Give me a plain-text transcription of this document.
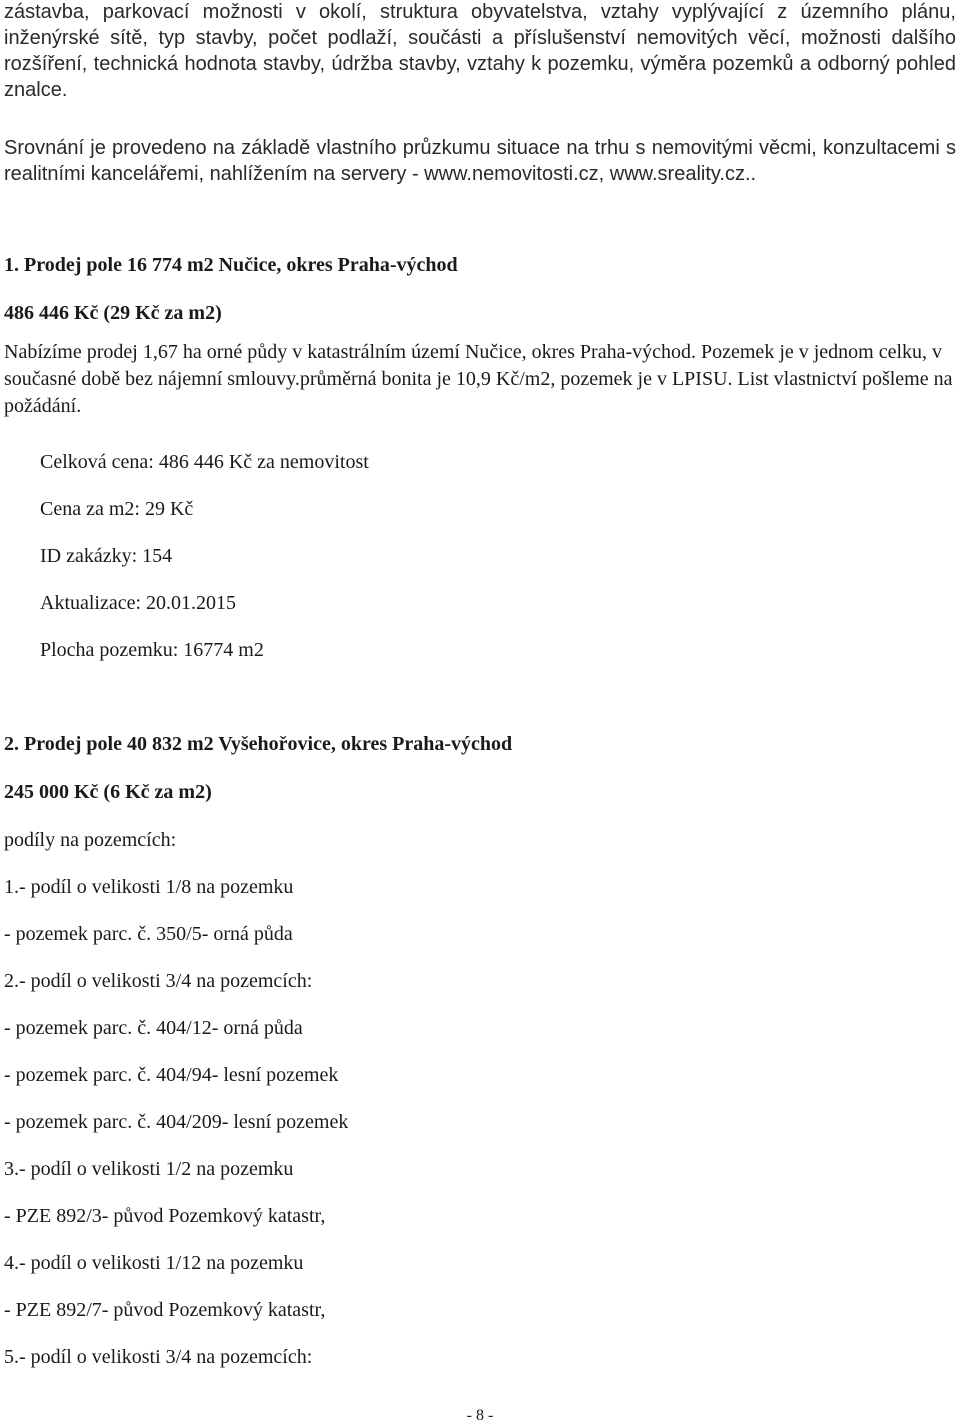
zástavba, parkovací možnosti v okolí, struktura obyvatelstva, vztahy vyplývající z územního plánu, inženýrské sítě, typ stavby, počet podlaží, součásti a příslušenství nemovitých věcí, možnosti dalšího rozšíření, technická hodnota stavby, údržba stavby, vztahy k pozemku, výměra pozemků a odborný pohled znalce.

Srovnání je provedeno na základě vlastního průzkumu situace na trhu s nemovitými věcmi, konzultacemi s realitními kancelářemi, nahlížením na servery - www.nemovitosti.cz, www.sreality.cz..

1. Prodej pole 16 774 m2 Nučice, okres Praha-východ
486 446 Kč (29 Kč za m2)

Nabízíme prodej 1,67 ha orné půdy v katastrálním území Nučice, okres Praha-východ. Pozemek je v jednom celku, v současné době bez nájemní smlouvy.průměrná bonita je 10,9 Kč/m2, pozemek je v LPISU. List vlastnictví pošleme na požádání.

Celková cena: 486 446 Kč za nemovitost
Cena za m2: 29 Kč
ID zakázky: 154
Aktualizace: 20.01.2015
Plocha pozemku: 16774 m2
2. Prodej pole 40 832 m2 Vyšehořovice, okres Praha-východ
245 000 Kč (6 Kč za m2)
podíly na pozemcích:
1.- podíl o velikosti 1/8 na pozemku
- pozemek parc. č. 350/5- orná půda
2.- podíl o velikosti 3/4 na pozemcích:
- pozemek parc. č. 404/12- orná půda
- pozemek parc. č. 404/94- lesní pozemek
- pozemek parc. č. 404/209- lesní pozemek
3.- podíl o velikosti 1/2 na pozemku
- PZE 892/3- původ Pozemkový katastr,
4.- podíl o velikosti 1/12 na pozemku
- PZE 892/7- původ Pozemkový katastr,
5.- podíl o velikosti 3/4 na pozemcích:
- 8 -
